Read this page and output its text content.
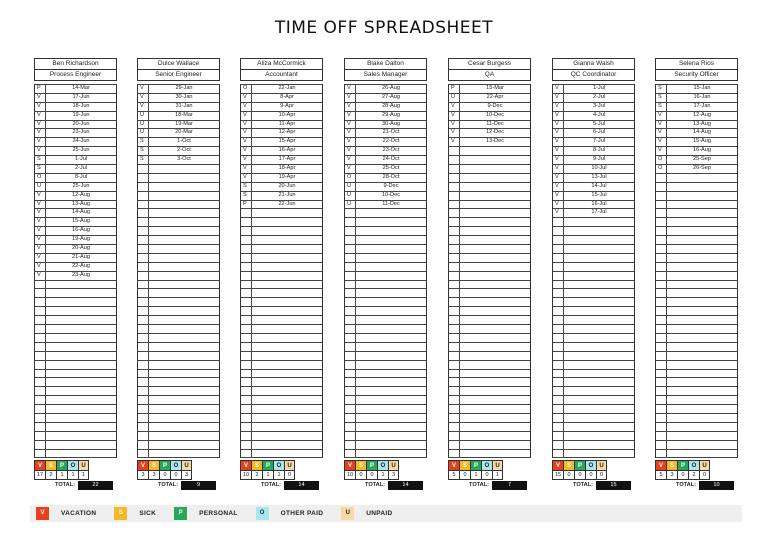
TIME OFF SPREADSHEET
Ben Richardson
Process Engineer
P	14-Mar
V	17-Jun
V	18-Jun
V	19-Jun
V	20-Jun
V	23-Jun
V	24-Jun
V	25-Jun
S	1-Jul
S	2-Jul
O	8-Jul
U	25-Jun
V	12-Aug
V	13-Aug
V	14-Aug
V	15-Aug
V	16-Aug
V	19-Aug
V	20-Aug
V	21-Aug
V	22-Aug
V	23-Aug
Dulce Wallace
Senior Engineer
V	29-Jan
V	30-Jan
V	31-Jan
U	18-Mar
U	19-Mar
U	20-Mar
S	1-Oct
S	2-Oct
S	3-Oct
Aliza McCormick
Accountant
O	22-Jan
V	8-Apr
V	9-Apr
V	10-Apr
V	11-Apr
V	12-Apr
V	15-Apr
V	16-Apr
V	17-Apr
V	18-Apr
V	19-Apr
S	20-Jun
S	21-Jun
P	22-Jun
Blake Dalton
Sales Manager
V	26-Aug
V	27-Aug
V	28-Aug
V	29-Aug
V	30-Aug
V	21-Oct
V	22-Oct
V	23-Oct
V	24-Oct
V	25-Oct
O	28-Oct
U	9-Dec
U	10-Dec
U	11-Dec
Cesar Burgess
QA
P	15-Mar
U	22-Apr
V	9-Dec
V	10-Dec
V	11-Dec
V	12-Dec
V	13-Dec
Gianna Walsh
QC Coordinator
V	1-Jul
V	2-Jul
V	3-Jul
V	4-Jul
V	5-Jul
V	6-Jul
V	7-Jul
V	8-Jul
V	9-Jul
V	10-Jul
V	13-Jul
V	14-Jul
V	15-Jul
V	16-Jul
V	17-Jul
Selena Rios
Security Officer
S	15-Jan
S	16-Jan
S	17-Jan
V	12-Aug
V	13-Aug
V	14-Aug
V	15-Aug
V	16-Aug
O	25-Sep
O	26-Sep
V	S	P	O	U
17	2	1	1	1
TOTAL:	22
V	S	P	O	U
3	3	0	0	3
TOTAL:	9
V	S	P	O	U
10	2	1	1	0
TOTAL:	14
V	S	P	O	U
10	0	0	1	3
TOTAL:	14
V	S	P	O	U
5	0	1	0	1
TOTAL:	7
V	S	P	O	U
15	0	0	0	0
TOTAL:	15
V	S	P	O	U
5	3	0	2	0
TOTAL:	10
V	VACATION	S	SICK	P	PERSONAL	O	OTHER PAID	U	UNPAID
